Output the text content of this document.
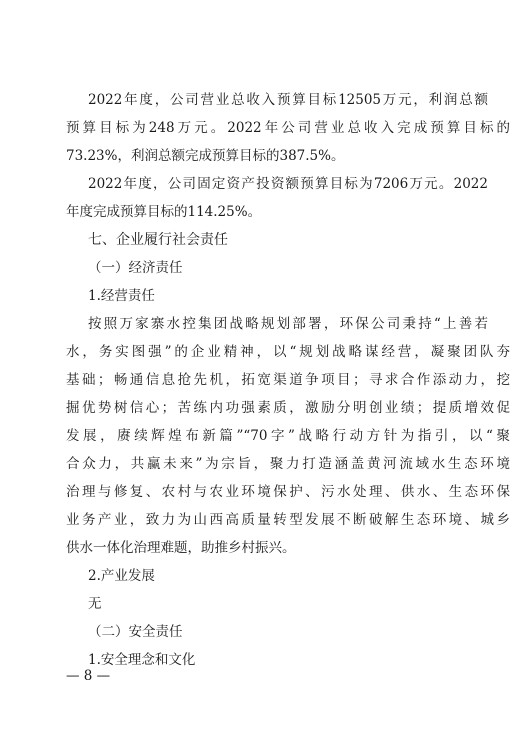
2022年度，公司营业总收入预算目标12505万元，利润总额
预算目标为248万元。2022年公司营业总收入完成预算目标的
73.23%，利润总额完成预算目标的387.5%。
2022年度，公司固定资产投资额预算目标为7206万元。2022
年度完成预算目标的114.25%。
七、企业履行社会责任
（一）经济责任
1.经营责任
按照万家寨水控集团战略规划部署，环保公司秉持“上善若
水，务实图强”的企业精神，以“规划战略谋经营，凝聚团队夯
基础；畅通信息抢先机，拓宽渠道争项目；寻求合作添动力，挖
掘优势树信心；苦练内功强素质，激励分明创业绩；提质增效促
发展，赓续辉煌布新篇”“70字”战略行动方针为指引，以“聚
合众力，共赢未来”为宗旨，聚力打造涵盖黄河流域水生态环境
治理与修复、农村与农业环境保护、污水处理、供水、生态环保
业务产业，致力为山西高质量转型发展不断破解生态环境、城乡
供水一体化治理难题，助推乡村振兴。
2.产业发展
无
（二）安全责任
1.安全理念和文化
— 8 —
